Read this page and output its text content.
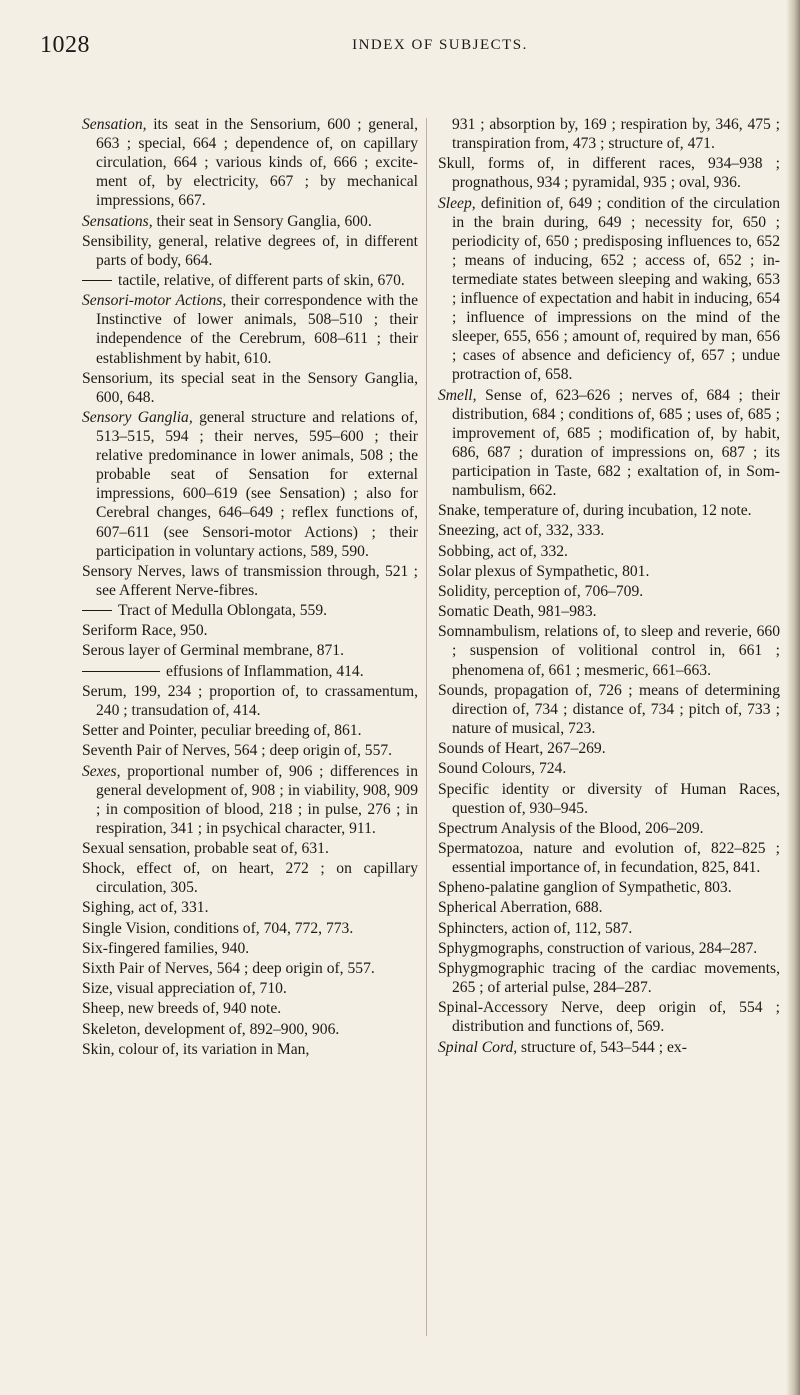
1028	INDEX OF SUBJECTS.

Sensation, its seat in the Sensorium, 600 ; general, 663 ; special, 664 ; dependence of, on capillary circulation, 664 ; various kinds of, 666 ; excitement of, by electricity, 667 ; by mechanical impressions, 667.

Sensations, their seat in Sensory Ganglia, 600.

Sensibility, general, relative degrees of, in different parts of body, 664.

tactile, relative, of different parts of skin, 670.

Sensori-motor Actions, their correspondence with the Instinctive of lower animals, 508–510 ; their independence of the Cerebrum, 608–611 ; their establishment by habit, 610.

Sensorium, its special seat in the Sensory Ganglia, 600, 648.

Sensory Ganglia, general structure and relations of, 513–515, 594 ; their nerves, 595–600 ; their relative predominance in lower animals, 508 ; the probable seat of Sensation for external impressions, 600–619 (see Sensation) ; also for Cerebral changes, 646–649 ; reflex functions of, 607–611 (see Sensori-motor Actions) ; their participation in voluntary actions, 589, 590.

Sensory Nerves, laws of transmission through, 521 ; see Afferent Nerve-fibres.

Tract of Medulla Oblongata, 559.

Seriform Race, 950.

Serous layer of Germinal membrane, 871.

effusions of Inflammation, 414.

Serum, 199, 234 ; proportion of, to crassamentum, 240 ; transudation of, 414.

Setter and Pointer, peculiar breeding of, 861.

Seventh Pair of Nerves, 564 ; deep origin of, 557.

Sexes, proportional number of, 906 ; differences in general development of, 908 ; in viability, 908, 909 ; in composition of blood, 218 ; in pulse, 276 ; in respiration, 341 ; in psychical character, 911.

Sexual sensation, probable seat of, 631.

Shock, effect of, on heart, 272 ; on capillary circulation, 305.

Sighing, act of, 331.

Single Vision, conditions of, 704, 772, 773.

Six-fingered families, 940.

Sixth Pair of Nerves, 564 ; deep origin of, 557.

Size, visual appreciation of, 710.

Sheep, new breeds of, 940 note.

Skeleton, development of, 892–900, 906.

Skin, colour of, its variation in Man,

931 ; absorption by, 169 ; respiration by, 346, 475 ; transpiration from, 473 ; structure of, 471.

Skull, forms of, in different races, 934–938 ; prognathous, 934 ; pyramidal, 935 ; oval, 936.

Sleep, definition of, 649 ; condition of the circulation in the brain during, 649 ; necessity for, 650 ; periodicity of, 650 ; predisposing influences to, 652 ; means of inducing, 652 ; access of, 652 ; intermediate states between sleeping and waking, 653 ; influence of expectation and habit in inducing, 654 ; influence of impressions on the mind of the sleeper, 655, 656 ; amount of, required by man, 656 ; cases of absence and deficiency of, 657 ; undue protraction of, 658.

Smell, Sense of, 623–626 ; nerves of, 684 ; their distribution, 684 ; conditions of, 685 ; uses of, 685 ; improvement of, 685 ; modification of, by habit, 686, 687 ; duration of impressions on, 687 ; its participation in Taste, 682 ; exaltation of, in Somnambulism, 662.

Snake, temperature of, during incubation, 12 note.

Sneezing, act of, 332, 333.

Sobbing, act of, 332.

Solar plexus of Sympathetic, 801.

Solidity, perception of, 706–709.

Somatic Death, 981–983.

Somnambulism, relations of, to sleep and reverie, 660 ; suspension of volitional control in, 661 ; phenomena of, 661 ; mesmeric, 661–663.

Sounds, propagation of, 726 ; means of determining direction of, 734 ; distance of, 734 ; pitch of, 733 ; nature of musical, 723.

Sounds of Heart, 267–269.

Sound Colours, 724.

Specific identity or diversity of Human Races, question of, 930–945.

Spectrum Analysis of the Blood, 206–209.

Spermatozoa, nature and evolution of, 822–825 ; essential importance of, in fecundation, 825, 841.

Spheno-palatine ganglion of Sympathetic, 803.

Spherical Aberration, 688.

Sphincters, action of, 112, 587.

Sphygmographs, construction of various, 284–287.

Sphygmographic tracing of the cardiac movements, 265 ; of arterial pulse, 284–287.

Spinal-Accessory Nerve, deep origin of, 554 ; distribution and functions of, 569.

Spinal Cord, structure of, 543–544 ; ex-
